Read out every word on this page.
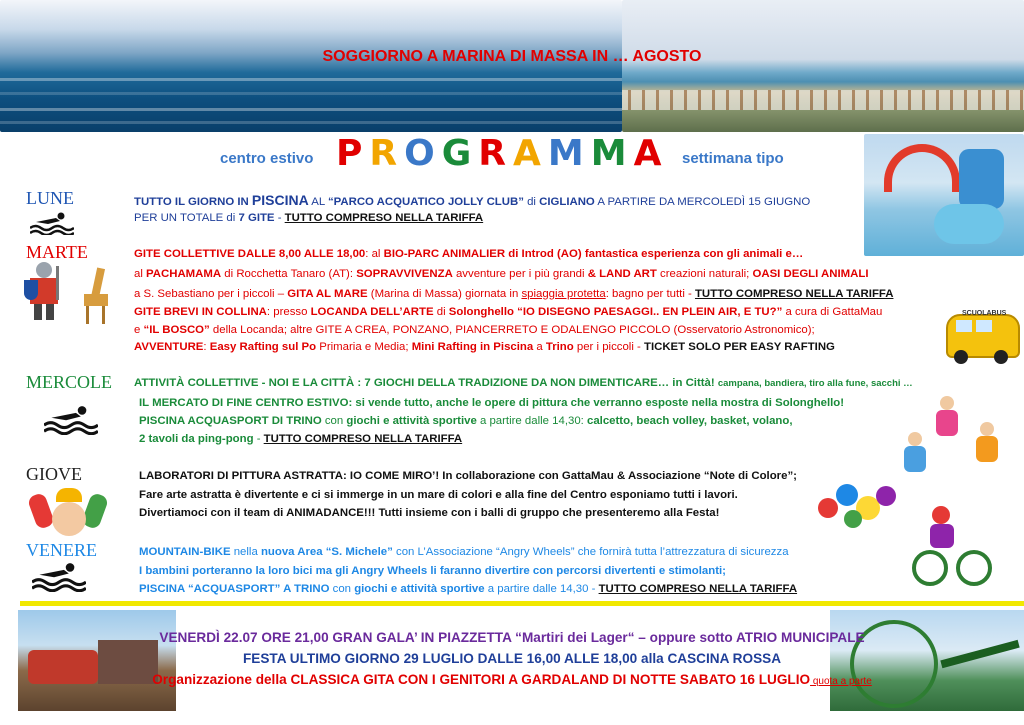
SOGGIORNO A MARINA DI MASSA IN … AGOSTO
centro estivo PROGRAMMA settimana tipo
LUNE	TUTTO IL GIORNO IN PISCINA AL “PARCO ACQUATICO JOLLY CLUB” di CIGLIANO A PARTIRE DA MERCOLEDÌ 15 GIUGNO
PER UN TOTALE di 7 GITE - TUTTO COMPRESO NELLA TARIFFA
MARTE	GITE COLLETTIVE DALLE 8,00 ALLE 18,00: al BIO-PARC ANIMALIER di Introd (AO) fantastica esperienza con gli animali e…
al PACHAMAMA di Rocchetta Tanaro (AT): SOPRAVVIVENZA avventure per i più grandi & LAND ART creazioni naturali; OASI DEGLI ANIMALI
a S. Sebastiano per i piccoli – GITA AL MARE (Marina di Massa) giornata in spiaggia protetta: bagno per tutti - TUTTO COMPRESO NELLA TARIFFA
GITE BREVI IN COLLINA: presso LOCANDA DELL’ARTE di Solonghello “IO DISEGNO PAESAGGI.. EN PLEIN AIR, E TU?” a cura di GattaMau
e “IL BOSCO” della Locanda; altre GITE A CREA, PONZANO, PIANCERRETO E ODALENGO PICCOLO (Osservatorio Astronomico);
AVVENTURE: Easy Rafting sul Po Primaria e Media; Mini Rafting in Piscina a Trino per i piccoli - TICKET SOLO PER EASY RAFTING
SCUOLABUS
MERCOLE ATTIVITÀ COLLETTIVE - NOI E LA CITTÀ : 7 GIOCHI DELLA TRADIZIONE DA NON DIMENTICARE… in Città! campana, bandiera, tiro alla fune, sacchi …
IL MERCATO DI FINE CENTRO ESTIVO: si vende tutto, anche le opere di pittura che verranno esposte nella mostra di Solonghello!
PISCINA ACQUASPORT DI TRINO con giochi e attività sportive a partire dalle 14,30: calcetto, beach volley, basket, volano,
2 tavoli da ping-pong - TUTTO COMPRESO NELLA TARIFFA
GIOVE	LABORATORI DI PITTURA ASTRATTA: IO COME MIRO’! In collaborazione con GattaMau & Associazione “Note di Colore”;
Fare arte astratta è divertente e ci si immerge in un mare di colori e alla fine del Centro esponiamo tutti i lavori.
Divertiamoci con il team di ANIMADANCE!!! Tutti insieme con i balli di gruppo che presenteremo alla Festa!
VENERE	MOUNTAIN-BIKE nella nuova Area “S. Michele” con L’Associazione “Angry Wheels” che fornirà tutta l’attrezzatura di sicurezza
I bambini porteranno la loro bici ma gli Angry Wheels li faranno divertire con percorsi divertenti e stimolanti;
PISCINA “ACQUASPORT” A TRINO con giochi e attività sportive a partire dalle 14,30 - TUTTO COMPRESO NELLA TARIFFA
VENERDÌ 22.07 ORE 21,00 GRAN GALA’ IN PIAZZETTA “Martiri dei Lager“ – oppure sotto ATRIO MUNICIPALE
FESTA ULTIMO GIORNO 29 LUGLIO DALLE 16,00 ALLE 18,00 alla CASCINA ROSSA
Organizzazione della CLASSICA GITA CON I GENITORI A GARDALAND DI NOTTE SABATO 16 LUGLIO quota a parte
